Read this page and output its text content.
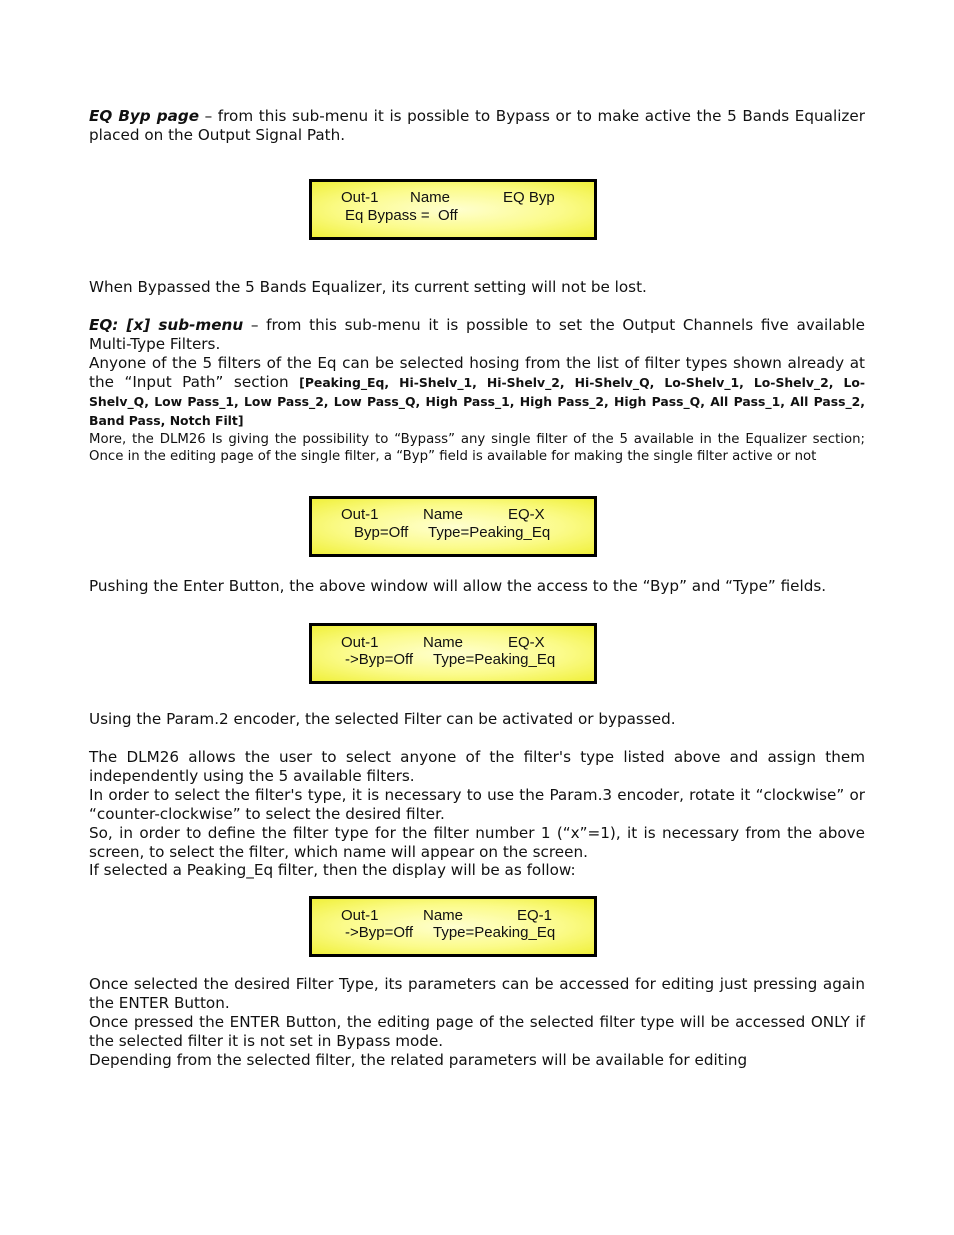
EQ Byp page – from this sub-menu it is possible to Bypass or to make active the 5 Bands Equalizer placed on the Output Signal Path.

Out-1 Name	EQ Byp
Eq Bypass =  Off

When Bypassed the 5 Bands Equalizer, its current setting will not be lost.

EQ: [x] sub-menu – from this sub-menu it is possible to set the Output Channels five available Multi-Type Filters.

Anyone of the 5 filters of the Eq can be selected hosing from the list of filter types shown already at the “Input Path” section [Peaking_Eq, Hi-Shelv_1, Hi-Shelv_2, Hi-Shelv_Q, Lo-Shelv_1, Lo-Shelv_2, Lo-Shelv_Q, Low Pass_1, Low Pass_2, Low Pass_Q, High Pass_1, High Pass_2, High Pass_Q, All Pass_1, All Pass_2, Band Pass, Notch Filt]

More, the DLM26 Is giving the possibility to “Bypass” any single filter of the 5 available in the Equalizer section; Once in the editing page of the single filter, a “Byp” field is available for making the single filter active or not

Out-1	Name	EQ-X
Byp=Off Type=Peaking_Eq

Pushing the Enter Button, the above window will allow the access to the “Byp” and “Type” fields.

Out-1	Name	EQ-X
->Byp=Off Type=Peaking_Eq

Using the Param.2 encoder, the selected Filter can be activated or bypassed.

The DLM26 allows the user to select anyone of the filter's type listed above and assign them independently using the 5 available filters.

In order to select the filter's type, it is necessary to use the Param.3 encoder, rotate it “clockwise” or “counter-clockwise” to select the desired filter.

So, in order to define the filter type for the filter number 1 (“x”=1), it is necessary from the above screen, to select the filter, which name will appear on the screen.

If selected a Peaking_Eq filter, then the display will be as follow:

Out-1	Name	EQ-1
->Byp=Off Type=Peaking_Eq

Once selected the desired Filter Type, its parameters can be accessed for editing just pressing again the ENTER Button.

Once pressed the ENTER Button, the editing page of the selected filter type will be accessed ONLY if the selected filter it is not set in Bypass mode.

Depending from the selected filter, the related parameters will be available for editing
